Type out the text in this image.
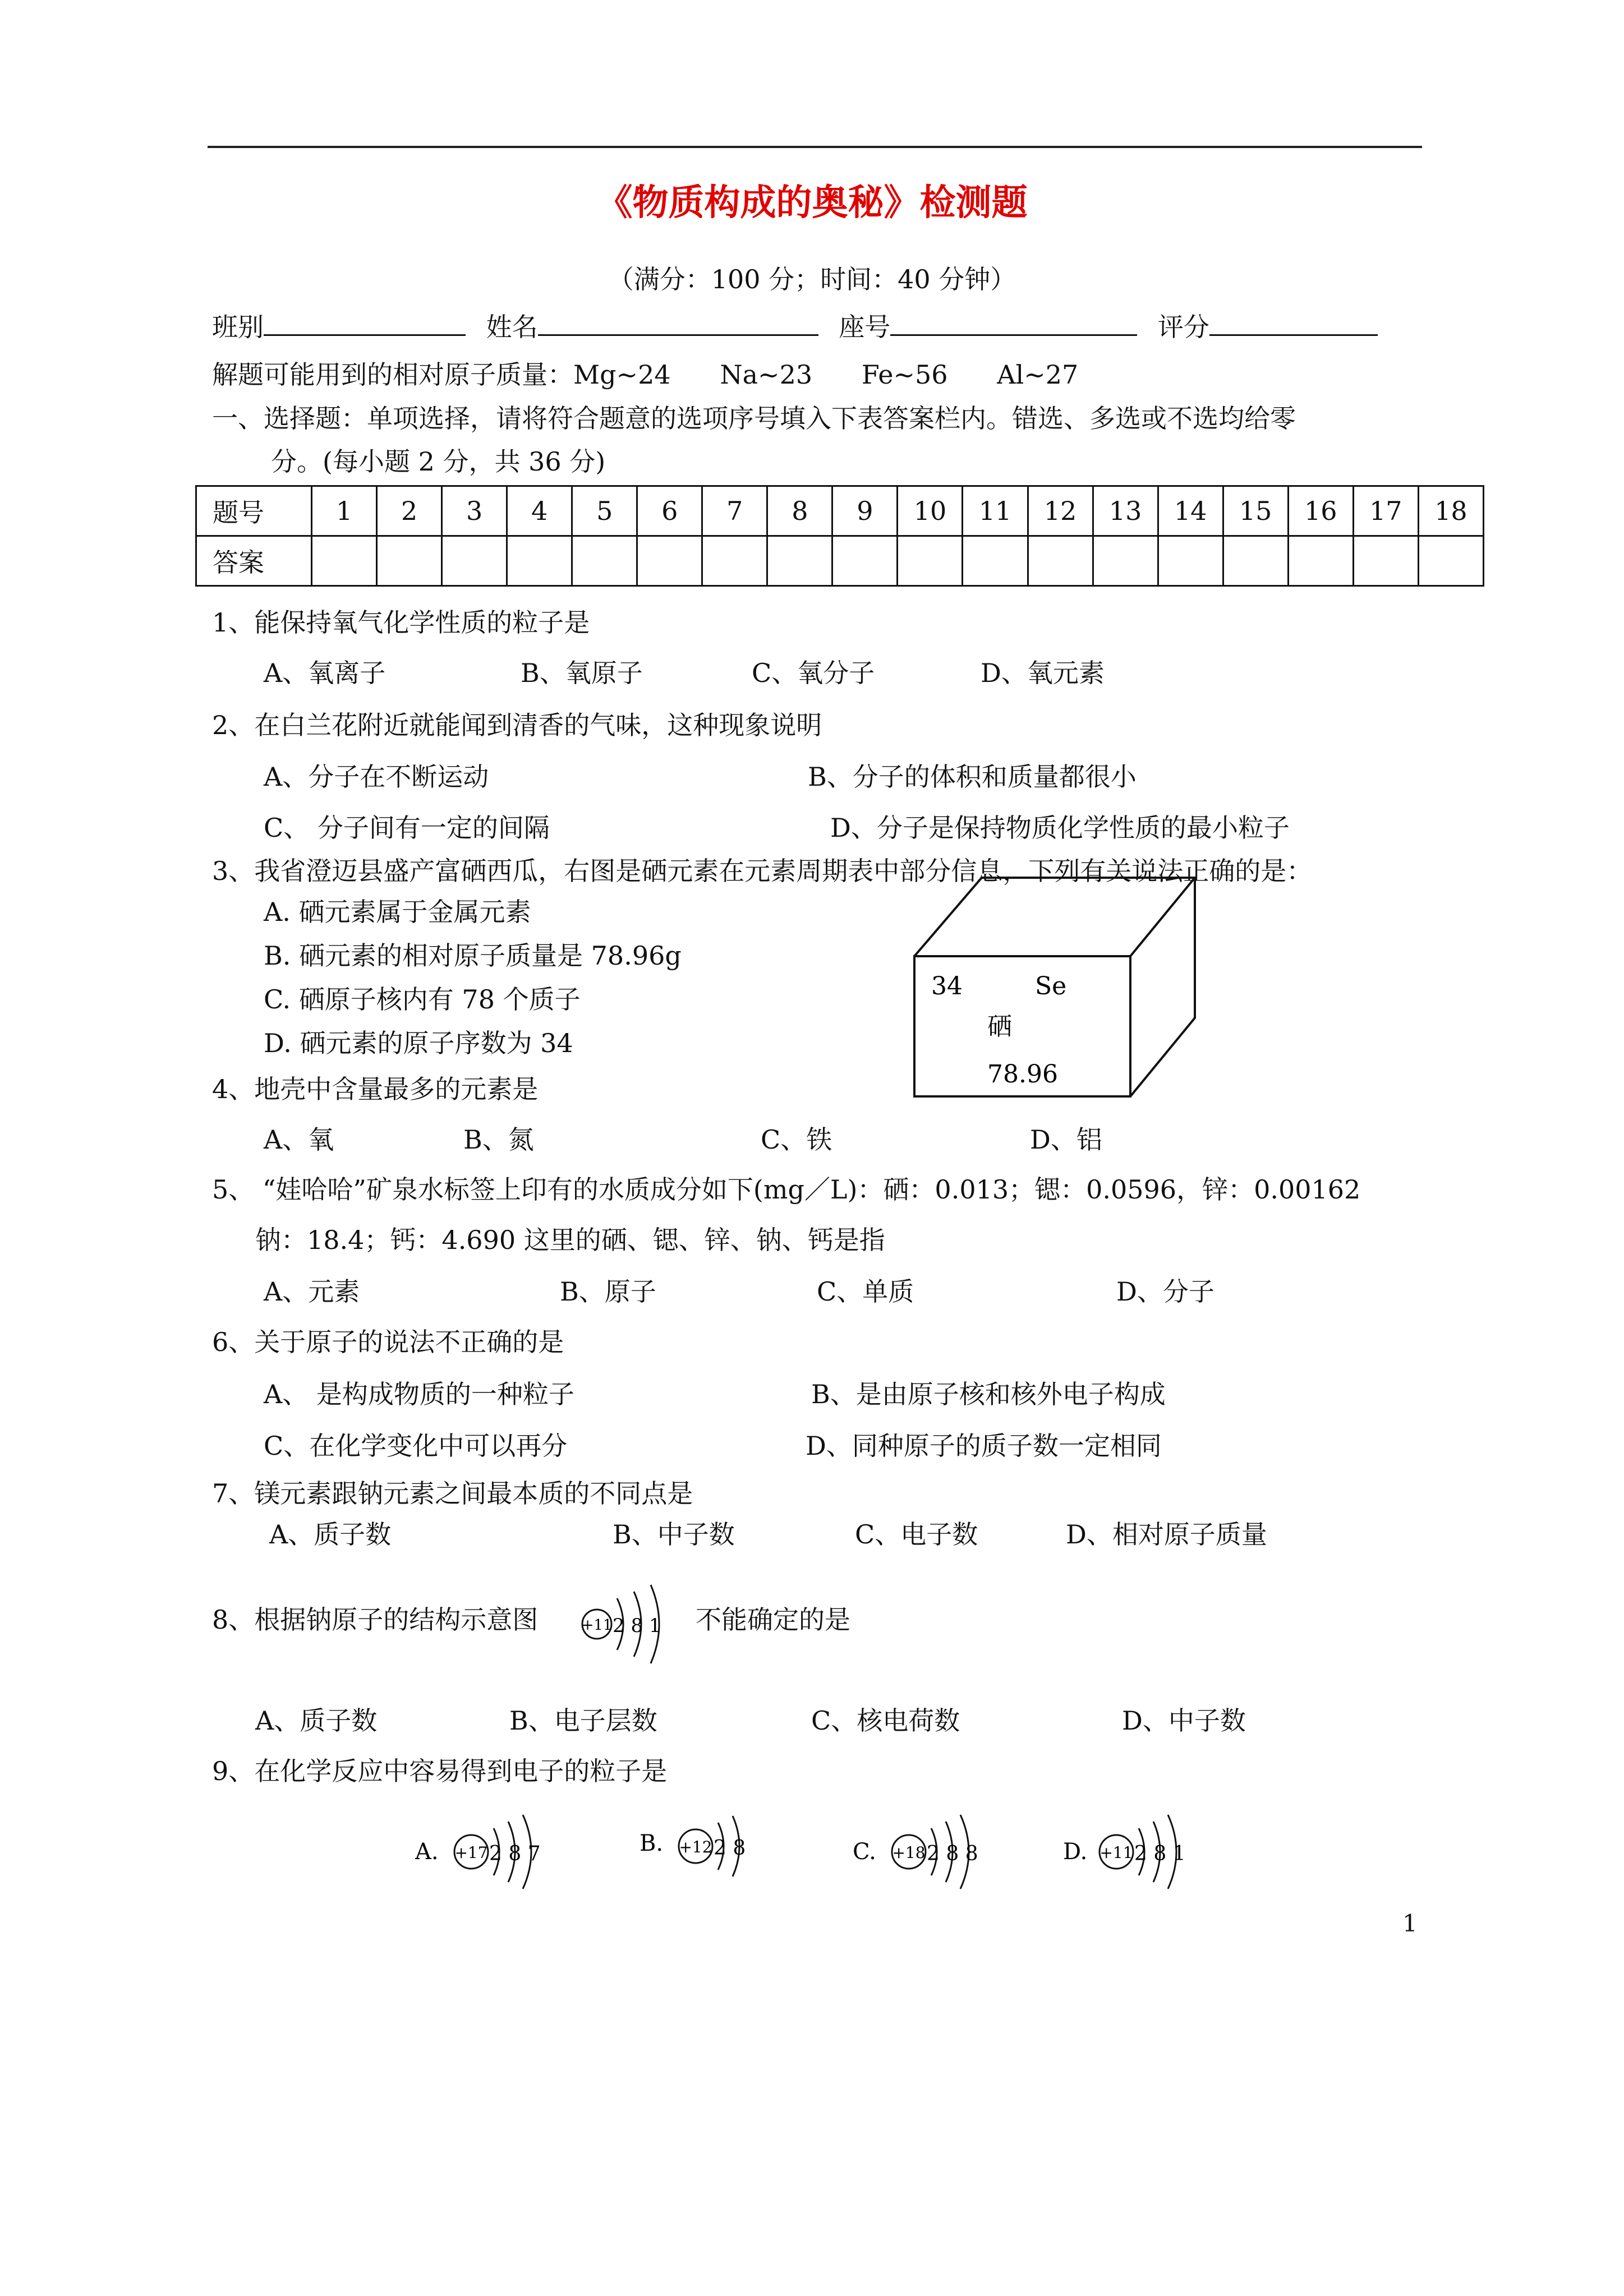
《物质构成的奥秘》检测题
（满分：100 分；时间：40 分钟）
班别	姓名	座号	评分
解题可能用到的相对原子质量：Mg~24      Na~23      Fe~56      Al~27
一、选择题：单项选择，请将符合题意的选项序号填入下表答案栏内。错选、多选或不选均给零
分。(每小题 2 分，共 36 分)
题号	1	2	3	4	5	6	7	8	9	10	11	12	13	14	15	16	17	18
答案																		
1、能保持氧气化学性质的粒子是
A、氧离子	B、氧原子	C、氧分子	D、氧元素
2、在白兰花附近就能闻到清香的气味，这种现象说明
A、分子在不断运动	B、分子的体积和质量都很小
C、 分子间有一定的间隔	D、分子是保持物质化学性质的最小粒子
3、我省澄迈县盛产富硒西瓜，右图是硒元素在元素周期表中部分信息，下列有关说法正确的是：
A. 硒元素属于金属元素
B. 硒元素的相对原子质量是 78.96g
C. 硒原子核内有 78 个质子
D. 硒元素的原子序数为 34
34	Se
硒
78.96
4、地壳中含量最多的元素是
A、氧	B、氮	C、铁	D、铝
5、 “娃哈哈”矿泉水标签上印有的水质成分如下(mg／L)：硒：0.013；锶：0.0596，锌：0.00162
钠：18.4；钙：4.690 这里的硒、锶、锌、钠、钙是指
A、元素	B、原子	C、单质	D、分子
6、关于原子的说法不正确的是
A、 是构成物质的一种粒子	B、是由原子核和核外电子构成
C、在化学变化中可以再分	D、同种原子的质子数一定相同
7、镁元素跟钠元素之间最本质的不同点是
A、质子数	B、中子数	C、电子数	D、相对原子质量
8、根据钠原子的结构示意图	+11 2 8 1 不能确定的是
A、质子数	B、电子层数	C、核电荷数	D、中子数
9、在化学反应中容易得到电子的粒子是
A. +17 2 8 7	B. +12 2 8	C. +18 2 8 8	D. +11 2 8 1
1
